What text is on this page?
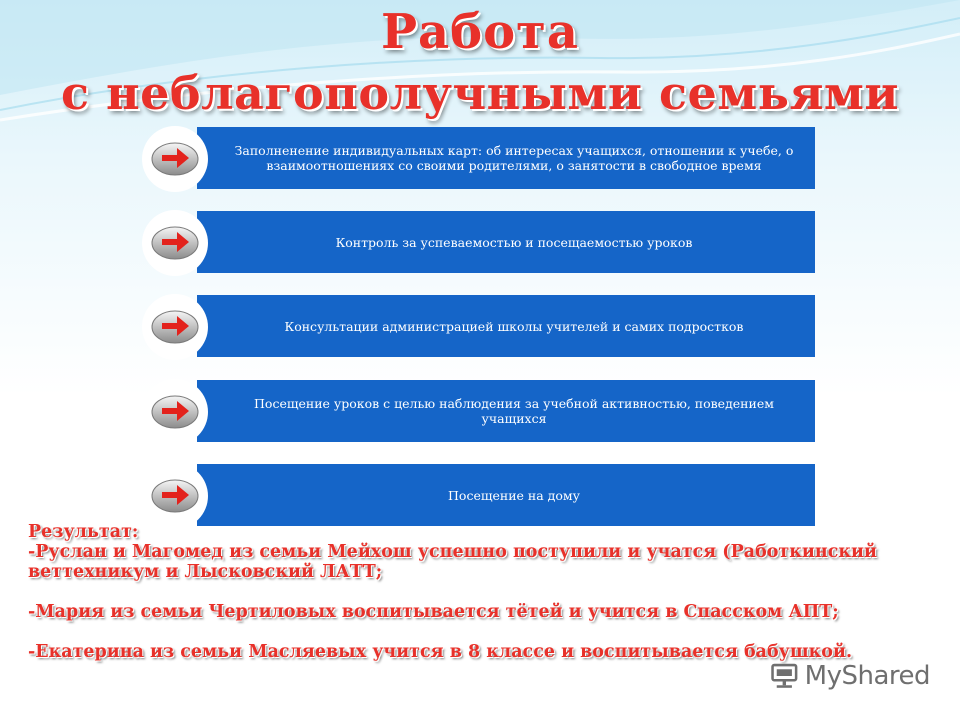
Работа
с неблагополучными семьями
Заполненение индивидуальных карт: об интересах учащихся, отношении к учебе, о взаимоотношениях со своими родителями, о занятости в свободное время
Контроль за успеваемостью и посещаемостью уроков
Консультации администрацией школы учителей и самих подростков
Посещение уроков с целью наблюдения за учебной активностью, поведением учащихся
Посещение на дому

Результат:

-Руслан и Магомед из семьи Мейхош успешно поступили и учатся (Работкинский веттехникум и Лысковский ЛАТТ;

-Мария из семьи Чертиловых воспитывается тётей и учится в Спасском АПТ;

-Екатерина из семьи Масляевых учится в 8 классе и воспитывается бабушкой.

MyShared
